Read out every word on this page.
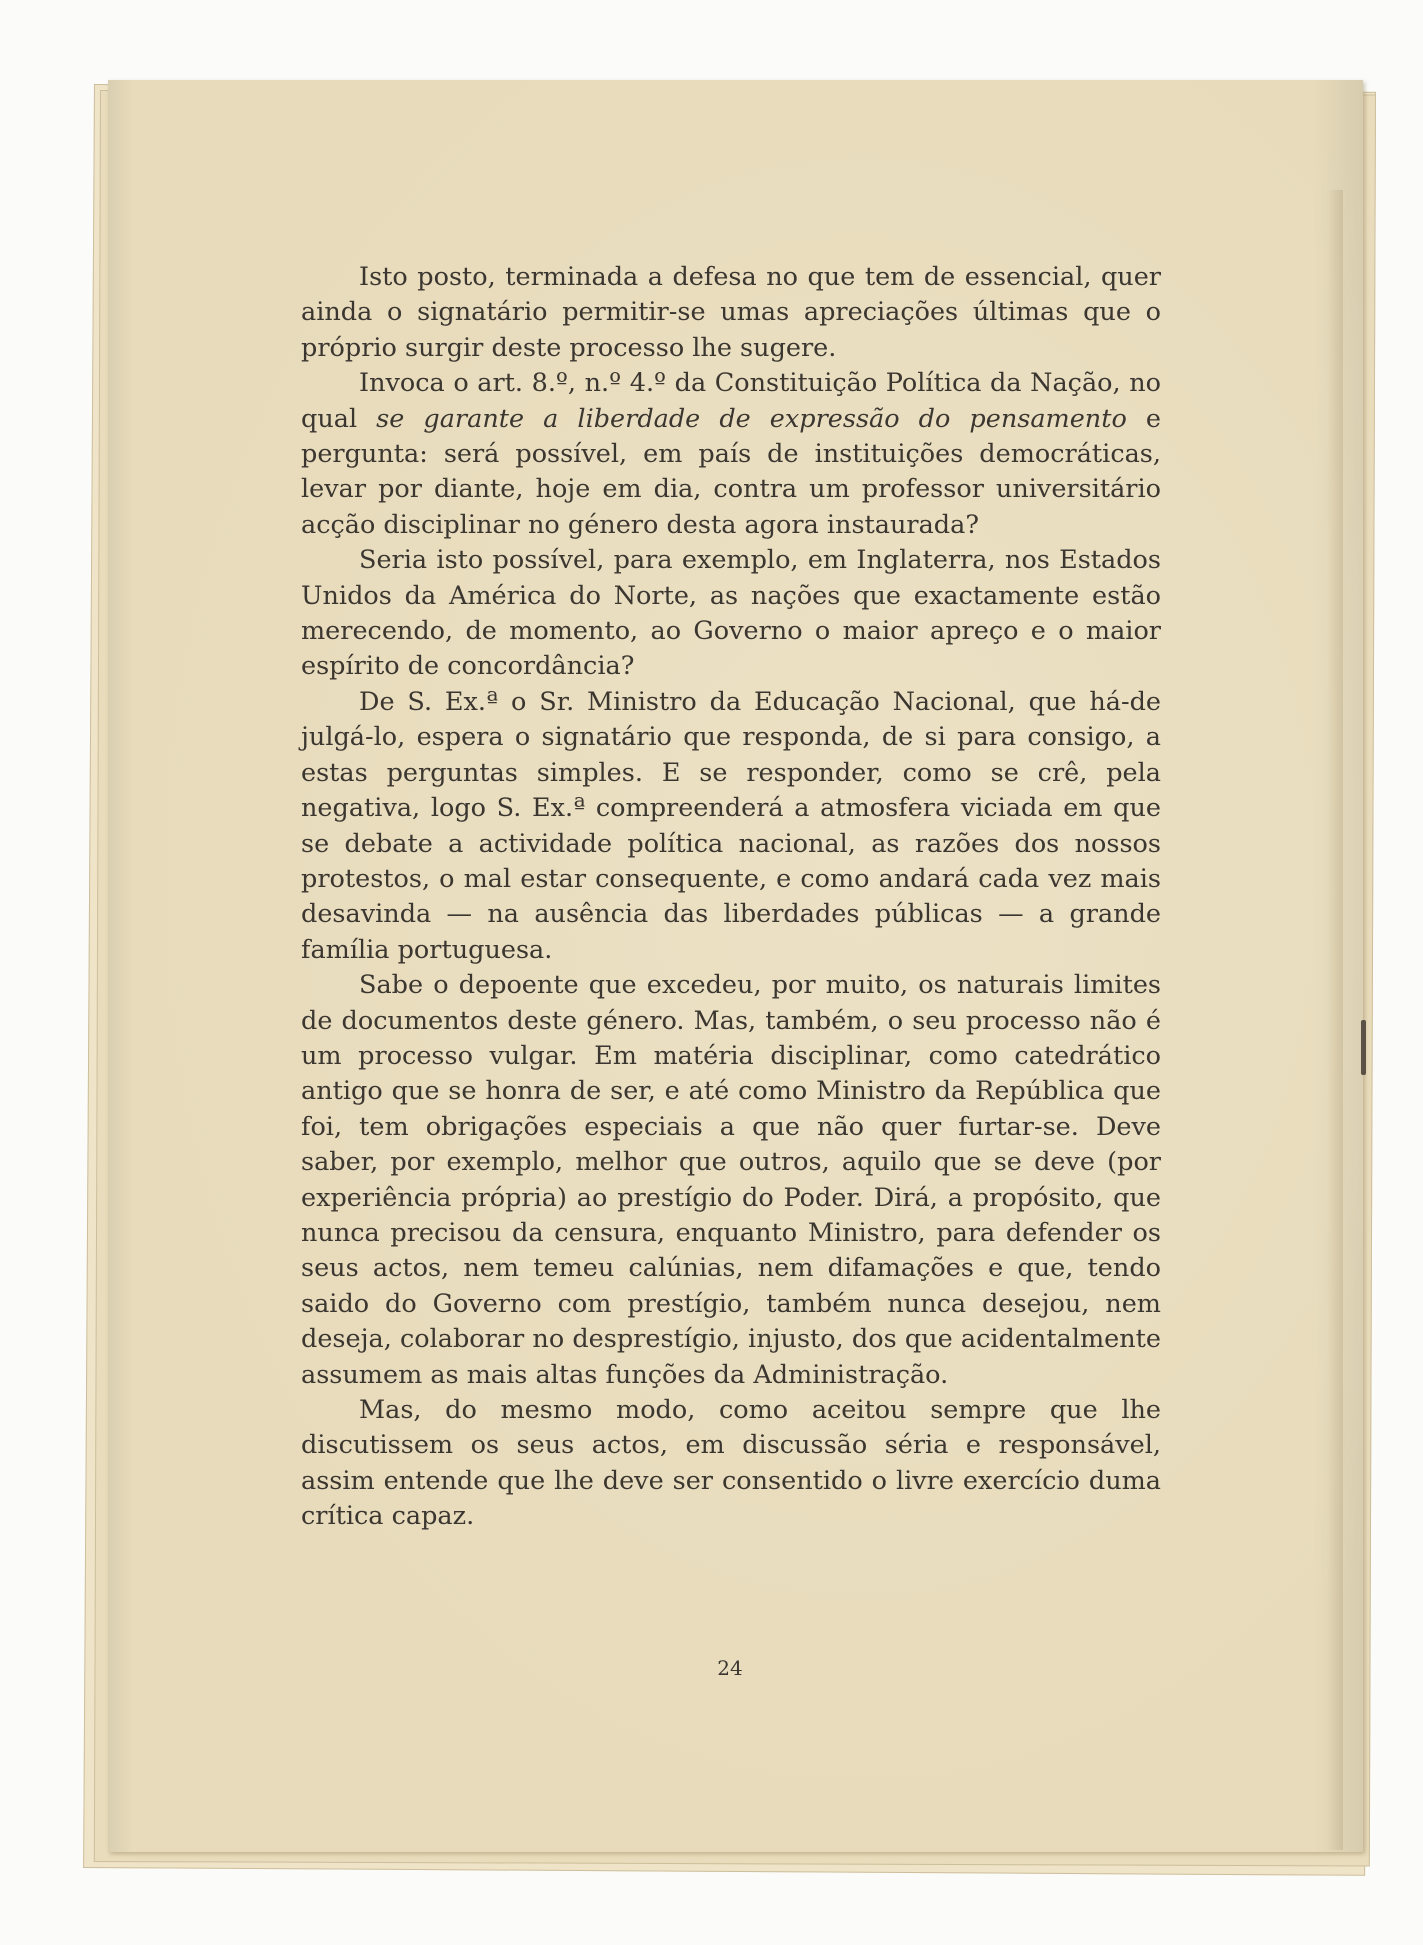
Isto posto, terminada a defesa no que tem de essencial, quer ainda o signatário permitir-se umas apreciações últimas que o próprio surgir deste processo lhe sugere.

Invoca o art. 8.º, n.º 4.º da Constituição Política da Nação, no qual se garante a liberdade de expressão do pensamento e pergunta: será possível, em país de instituições democráticas, levar por diante, hoje em dia, contra um professor universitário acção disciplinar no género desta agora instaurada?

Seria isto possível, para exemplo, em Inglaterra, nos Estados Unidos da América do Norte, as nações que exactamente estão merecendo, de momento, ao Governo o maior apreço e o maior espírito de concordância?

De S. Ex.ª o Sr. Ministro da Educação Nacional, que há-de julgá-lo, espera o signatário que responda, de si para consigo, a estas perguntas simples. E se responder, como se crê, pela negativa, logo S. Ex.ª compreenderá a atmosfera viciada em que se debate a actividade política nacional, as razões dos nossos protestos, o mal estar consequente, e como andará cada vez mais desavinda — na ausência das liberdades públicas — a grande família portuguesa.

Sabe o depoente que excedeu, por muito, os naturais limites de documentos deste género. Mas, também, o seu processo não é um processo vulgar. Em matéria disciplinar, como catedrático antigo que se honra de ser, e até como Ministro da República que foi, tem obrigações especiais a que não quer furtar-se. Deve saber, por exemplo, melhor que outros, aquilo que se deve (por experiência própria) ao prestígio do Poder. Dirá, a propósito, que nunca precisou da censura, enquanto Ministro, para defender os seus actos, nem temeu calúnias, nem difamações e que, tendo saido do Governo com prestígio, também nunca desejou, nem deseja, colaborar no desprestígio, injusto, dos que acidentalmente assumem as mais altas funções da Administração.

Mas, do mesmo modo, como aceitou sempre que lhe discutissem os seus actos, em discussão séria e responsável, assim entende que lhe deve ser consentido o livre exercício duma crítica capaz.

24
